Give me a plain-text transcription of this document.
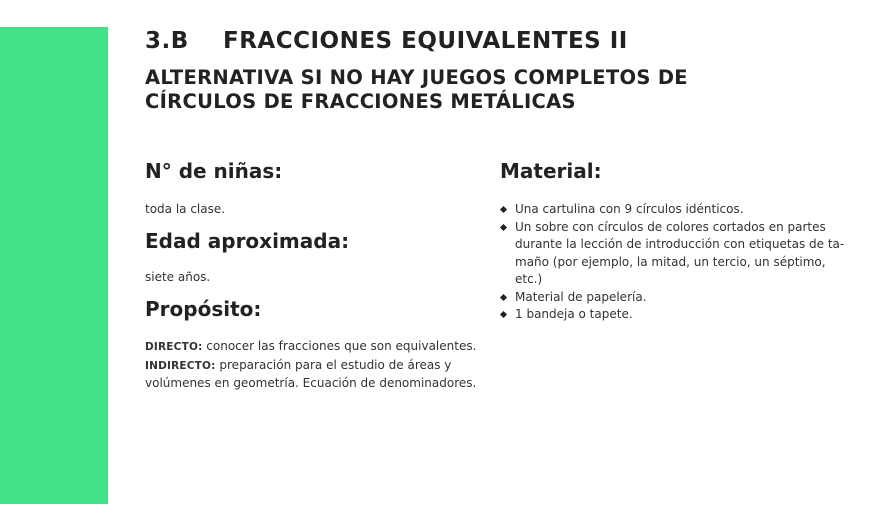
3.B FRACCIONES EQUIVALENTES II
ALTERNATIVA SI NO HAY JUEGOS COMPLETOS DE
CÍRCULOS DE FRACCIONES METÁLICAS
N° de niñas:

toda la clase.

Edad aproximada:

siete años.

Propósito:
DIRECTO: conocer las fracciones que son equivalentes.
INDIRECTO: preparación para el estudio de áreas y
volúmenes en geometría. Ecuación de denominadores.
Material:
Una cartulina con 9 círculos idénticos.
Un sobre con círculos de colores cortados en partes
durante la lección de introducción con etiquetas de ta-
maño (por ejemplo, la mitad, un tercio, un séptimo, etc.)
Material de papelería.
1 bandeja o tapete.
